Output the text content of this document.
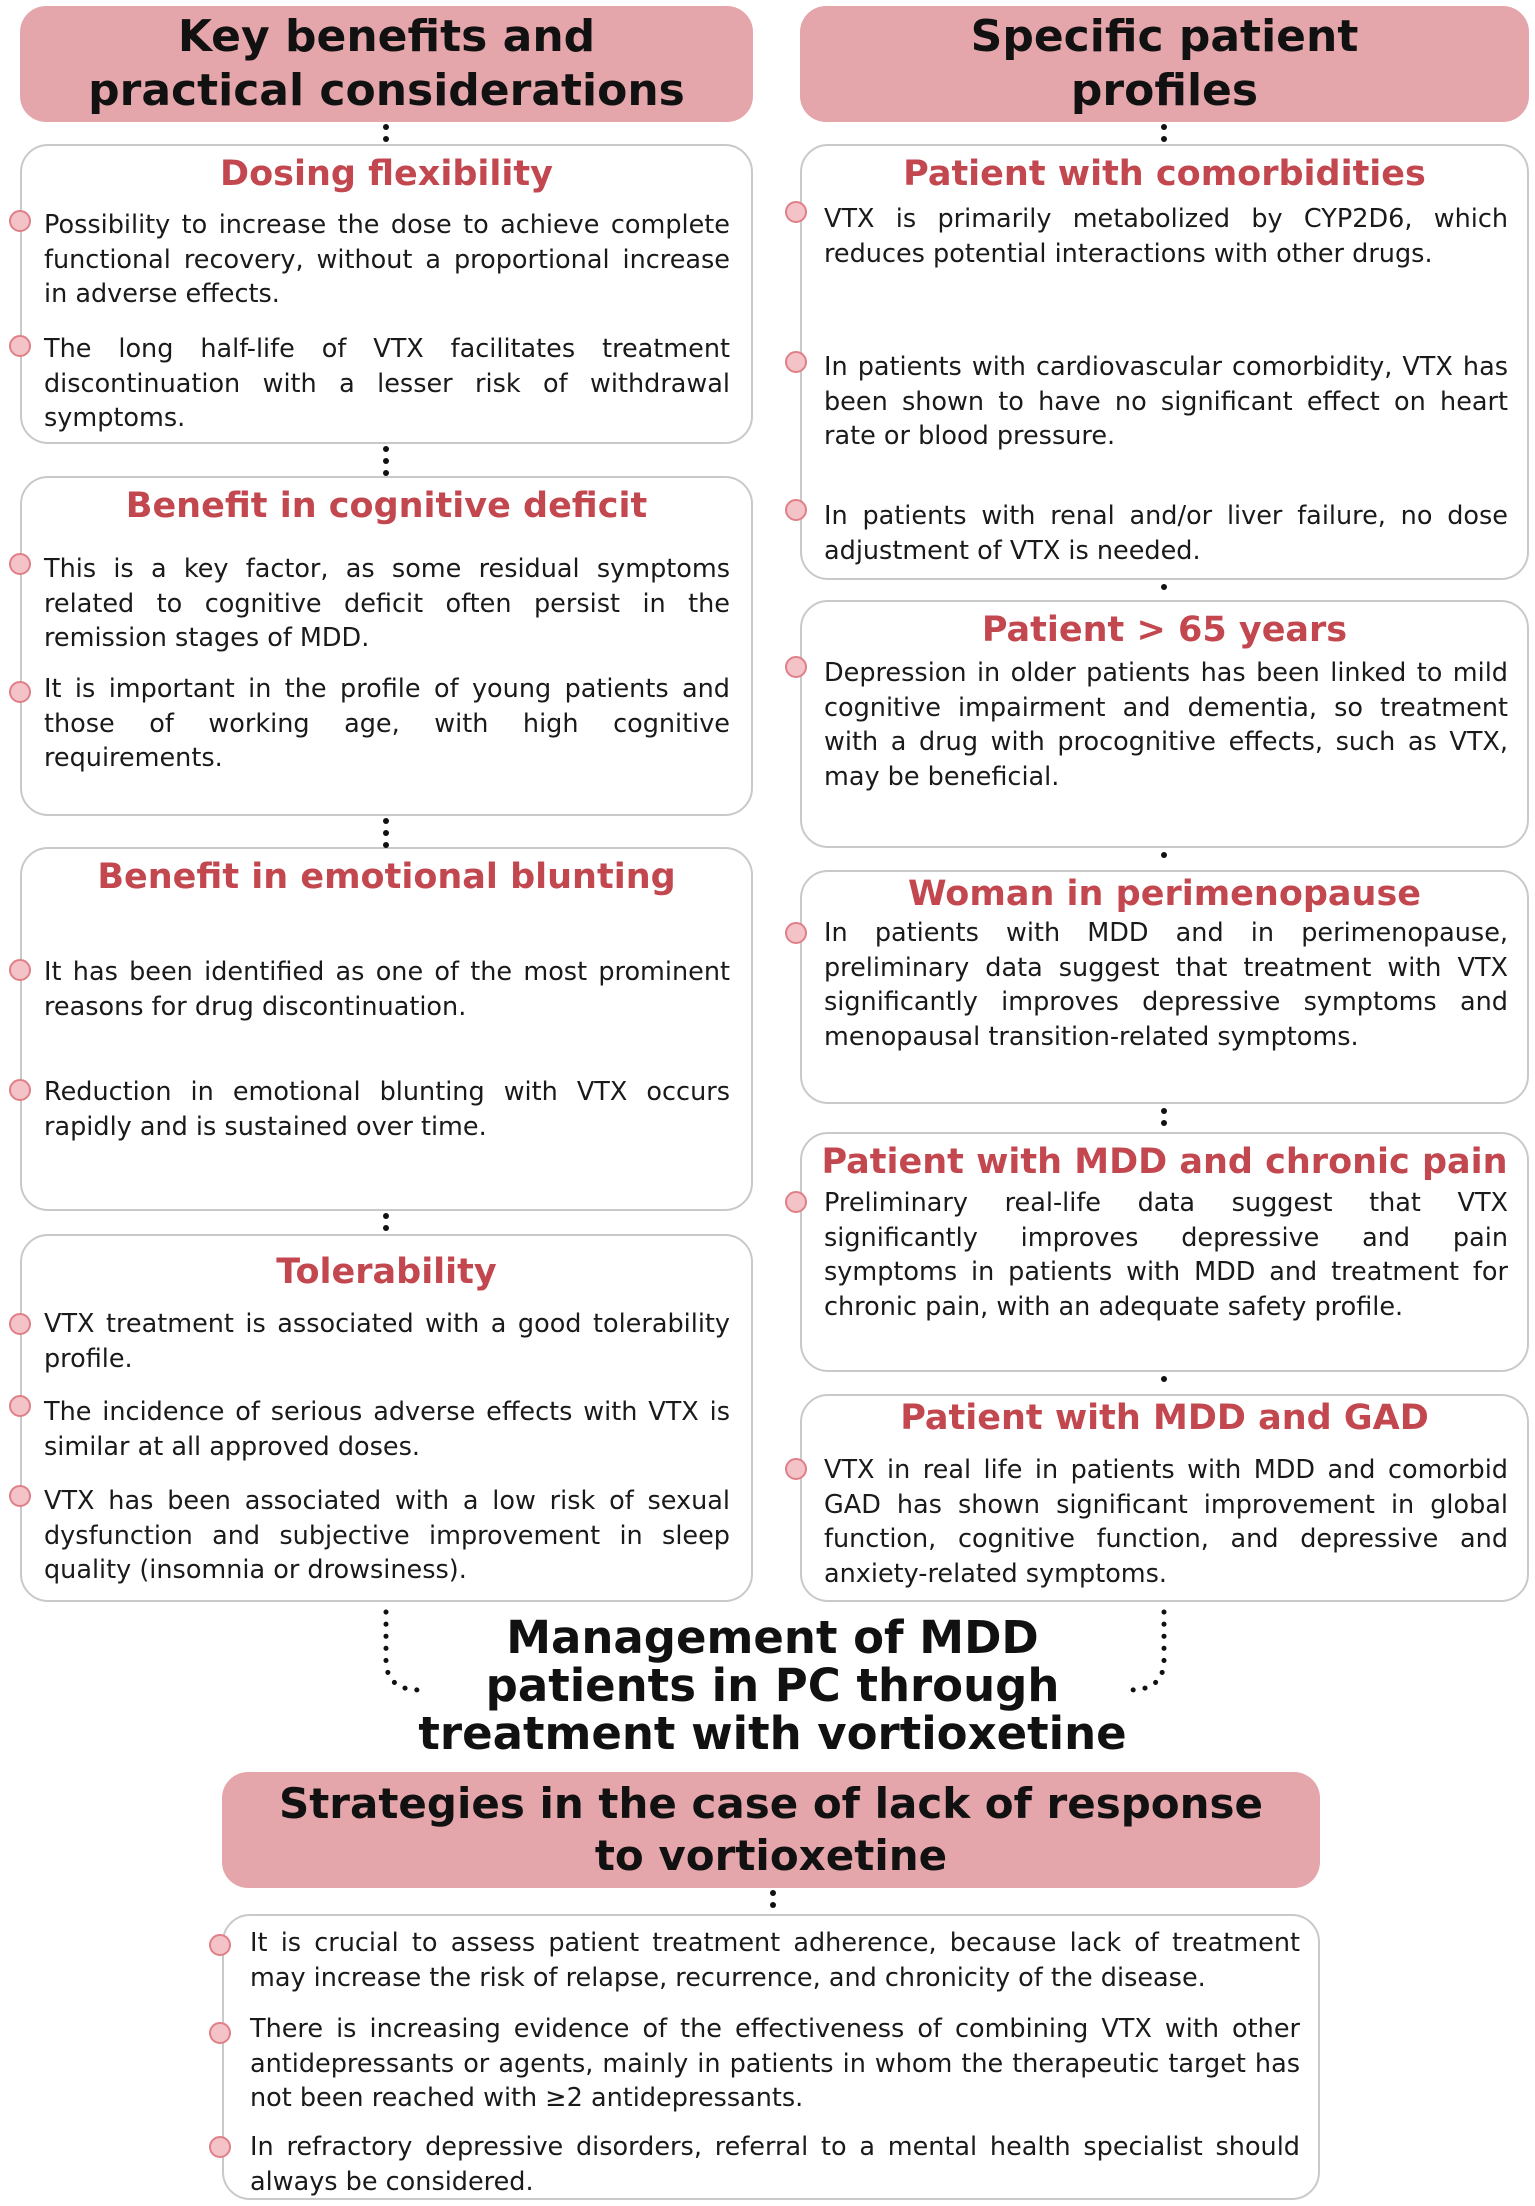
Key benefits and
practical considerations
Specific patient
profiles
Dosing flexibility
Possibility to increase the dose to achieve complete functional recovery, without a proportional increase in adverse effects.
The long half-life of VTX facilitates treatment discontinuation with a lesser risk of withdrawal symptoms.
Benefit in cognitive deficit
This is a key factor, as some residual symptoms related to cognitive deficit often persist in the remission stages of MDD.
It is important in the profile of young patients and those of working age, with high cognitive requirements.
Benefit in emotional blunting
It has been identified as one of the most prominent reasons for drug discontinuation.
Reduction in emotional blunting with VTX occurs rapidly and is sustained over time.
Tolerability
VTX treatment is associated with a good tolerability profile.
The incidence of serious adverse effects with VTX is similar at all approved doses.
VTX has been associated with a low risk of sexual dysfunction and subjective improvement in sleep quality (insomnia or drowsiness).
Patient with comorbidities
VTX is primarily metabolized by CYP2D6, which reduces potential interactions with other drugs.
In patients with cardiovascular comorbidity, VTX has been shown to have no significant effect on heart rate or blood pressure.
In patients with renal and/or liver failure, no dose adjustment of VTX is needed.
Patient > 65 years
Depression in older patients has been linked to mild cognitive impairment and dementia, so treatment with a drug with procognitive effects, such as VTX, may be beneficial.
Woman in perimenopause
In patients with MDD and in perimenopause, preliminary data suggest that treatment with VTX significantly improves depressive symptoms and menopausal transition-related symptoms.
Patient with MDD and chronic pain
Preliminary real-life data suggest that VTX significantly improves depressive and pain symptoms in patients with MDD and treatment for chronic pain, with an adequate safety profile.
Patient with MDD and GAD
VTX in real life in patients with MDD and comorbid GAD has shown significant improvement in global function, cognitive function, and depressive and anxiety-related symptoms.
Management of MDD
patients in PC through
treatment with vortioxetine
Strategies in the case of lack of response to vortioxetine
It is crucial to assess patient treatment adherence, because lack of treatment may increase the risk of relapse, recurrence, and chronicity of the disease.
There is increasing evidence of the effectiveness of combining VTX with other antidepressants or agents, mainly in patients in whom the therapeutic target has not been reached with ≥2 antidepressants.
In refractory depressive disorders, referral to a mental health specialist should always be considered.
